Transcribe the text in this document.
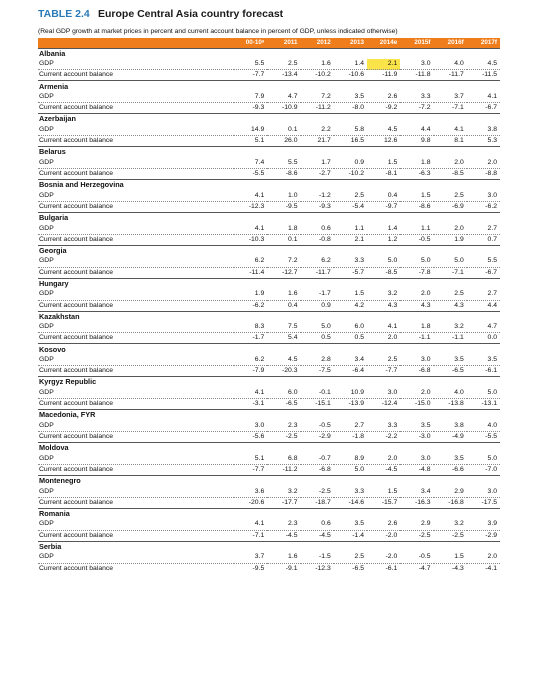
TABLE 2.4 Europe Central Asia country forecast
(Real GDP growth at market prices in percent and current account balance in percent of GDP, unless indicated otherwise)
	00-10ᵃ	2011	2012	2013	2014e	2015f	2016f	2017f
Albania								
GDP	5.5	2.5	1.6	1.4	2.1	3.0	4.0	4.5
Current account balance	-7.7	-13.4	-10.2	-10.6	-11.9	-11.8	-11.7	-11.5
Armenia								
GDP	7.9	4.7	7.2	3.5	2.6	3.3	3.7	4.1
Current account balance	-9.3	-10.9	-11.2	-8.0	-9.2	-7.2	-7.1	-6.7
Azerbaijan								
GDP	14.9	0.1	2.2	5.8	4.5	4.4	4.1	3.8
Current account balance	5.1	26.0	21.7	16.5	12.6	9.8	8.1	5.3
Belarus								
GDP	7.4	5.5	1.7	0.9	1.5	1.8	2.0	2.0
Current account balance	-5.5	-8.6	-2.7	-10.2	-8.1	-6.3	-8.5	-8.8
Bosnia and Herzegovina								
GDP	4.1	1.0	-1.2	2.5	0.4	1.5	2.5	3.0
Current account balance	-12.3	-9.5	-9.3	-5.4	-9.7	-8.6	-6.9	-6.2
Bulgaria								
GDP	4.1	1.8	0.6	1.1	1.4	1.1	2.0	2.7
Current account balance	-10.3	0.1	-0.8	2.1	1.2	-0.5	1.9	0.7
Georgia								
GDP	6.2	7.2	6.2	3.3	5.0	5.0	5.0	5.5
Current account balance	-11.4	-12.7	-11.7	-5.7	-8.5	-7.8	-7.1	-6.7
Hungary								
GDP	1.9	1.6	-1.7	1.5	3.2	2.0	2.5	2.7
Current account balance	-6.2	0.4	0.9	4.2	4.3	4.3	4.3	4.4
Kazakhstan								
GDP	8.3	7.5	5.0	6.0	4.1	1.8	3.2	4.7
Current account balance	-1.7	5.4	0.5	0.5	2.0	-1.1	-1.1	0.0
Kosovo								
GDP	6.2	4.5	2.8	3.4	2.5	3.0	3.5	3.5
Current account balance	-7.9	-20.3	-7.5	-6.4	-7.7	-6.8	-6.5	-6.1
Kyrgyz Republic								
GDP	4.1	6.0	-0.1	10.9	3.0	2.0	4.0	5.0
Current account balance	-3.1	-6.5	-15.1	-13.9	-12.4	-15.0	-13.8	-13.1
Macedonia, FYR								
GDP	3.0	2.3	-0.5	2.7	3.3	3.5	3.8	4.0
Current account balance	-5.6	-2.5	-2.9	-1.8	-2.2	-3.0	-4.9	-5.5
Moldova								
GDP	5.1	6.8	-0.7	8.9	2.0	3.0	3.5	5.0
Current account balance	-7.7	-11.2	-6.8	5.0	-4.5	-4.8	-6.6	-7.0
Montenegro								
GDP	3.6	3.2	-2.5	3.3	1.5	3.4	2.9	3.0
Current account balance	-20.6	-17.7	-18.7	-14.6	-15.7	-16.3	-16.8	-17.5
Romania								
GDP	4.1	2.3	0.6	3.5	2.6	2.9	3.2	3.9
Current account balance	-7.1	-4.5	-4.5	-1.4	-2.0	-2.5	-2.5	-2.9
Serbia								
GDP	3.7	1.6	-1.5	2.5	-2.0	-0.5	1.5	2.0
Current account balance	-9.5	-9.1	-12.3	-6.5	-6.1	-4.7	-4.3	-4.1
